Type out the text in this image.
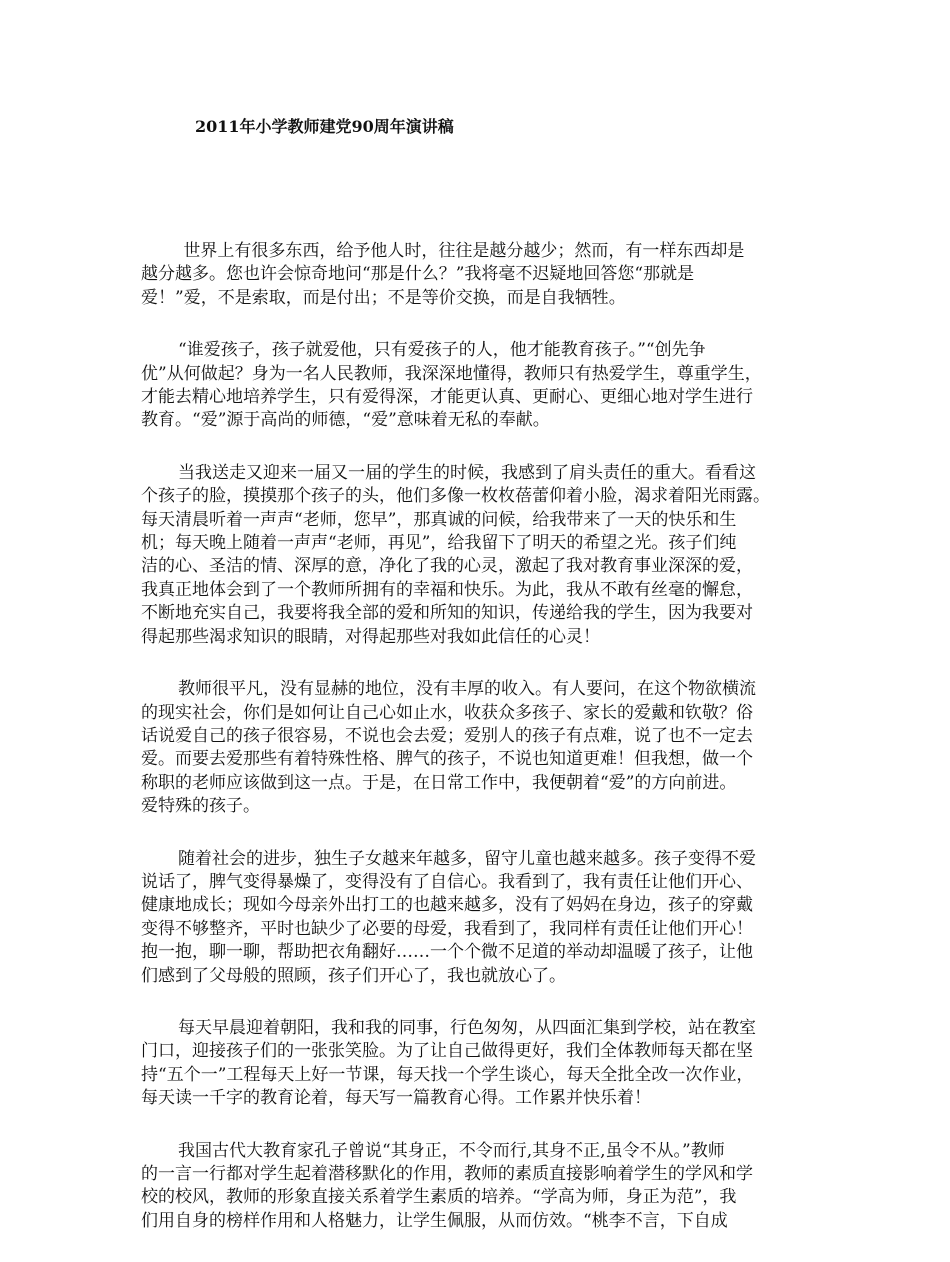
2011年小学教师建党90周年演讲稿

世界上有很多东西，给予他人时，往往是越分越少；然而，有一样东西却是
越分越多。您也许会惊奇地问“那是什么？”我将毫不迟疑地回答您“那就是
爱！”爱，不是索取，而是付出；不是等价交换，而是自我牺牲。

“谁爱孩子，孩子就爱他，只有爱孩子的人，他才能教育孩子。”“创先争
优”从何做起？身为一名人民教师，我深深地懂得，教师只有热爱学生，尊重学生，
才能去精心地培养学生，只有爱得深，才能更认真、更耐心、更细心地对学生进行
教育。“爱”源于高尚的师德，“爱”意味着无私的奉献。

当我送走又迎来一届又一届的学生的时候，我感到了肩头责任的重大。看看这
个孩子的脸，摸摸那个孩子的头，他们多像一枚枚蓓蕾仰着小脸，渴求着阳光雨露。
每天清晨听着一声声“老师，您早”，那真诚的问候，给我带来了一天的快乐和生
机；每天晚上随着一声声“老师，再见”，给我留下了明天的希望之光。孩子们纯
洁的心、圣洁的情、深厚的意，净化了我的心灵，激起了我对教育事业深深的爱，
我真正地体会到了一个教师所拥有的幸福和快乐。为此，我从不敢有丝毫的懈怠，
不断地充实自己，我要将我全部的爱和所知的知识，传递给我的学生，因为我要对
得起那些渴求知识的眼睛，对得起那些对我如此信任的心灵！

教师很平凡，没有显赫的地位，没有丰厚的收入。有人要问，在这个物欲横流
的现实社会，你们是如何让自己心如止水，收获众多孩子、家长的爱戴和钦敬？俗
话说爱自己的孩子很容易，不说也会去爱；爱别人的孩子有点难，说了也不一定去
爱。而要去爱那些有着特殊性格、脾气的孩子，不说也知道更难！但我想，做一个
称职的老师应该做到这一点。于是，在日常工作中，我便朝着“爱”的方向前进。
爱特殊的孩子。

随着社会的进步，独生子女越来年越多，留守儿童也越来越多。孩子变得不爱
说话了，脾气变得暴燥了，变得没有了自信心。我看到了，我有责任让他们开心、
健康地成长；现如今母亲外出打工的也越来越多，没有了妈妈在身边，孩子的穿戴
变得不够整齐，平时也缺少了必要的母爱，我看到了，我同样有责任让他们开心！
抱一抱，聊一聊，帮助把衣角翻好……一个个微不足道的举动却温暖了孩子，让他
们感到了父母般的照顾，孩子们开心了，我也就放心了。

每天早晨迎着朝阳，我和我的同事，行色匆匆，从四面汇集到学校，站在教室
门口，迎接孩子们的一张张笑脸。为了让自己做得更好，我们全体教师每天都在坚
持“五个一”工程每天上好一节课，每天找一个学生谈心，每天全批全改一次作业，
每天读一千字的教育论着，每天写一篇教育心得。工作累并快乐着！

我国古代大教育家孔子曾说“其身正，不令而行,其身不正,虽令不从。”教师
的一言一行都对学生起着潜移默化的作用，教师的素质直接影响着学生的学风和学
校的校风，教师的形象直接关系着学生素质的培养。“学高为师，身正为范”，我
们用自身的榜样作用和人格魅力，让学生佩服，从而仿效。“桃李不言，下自成
